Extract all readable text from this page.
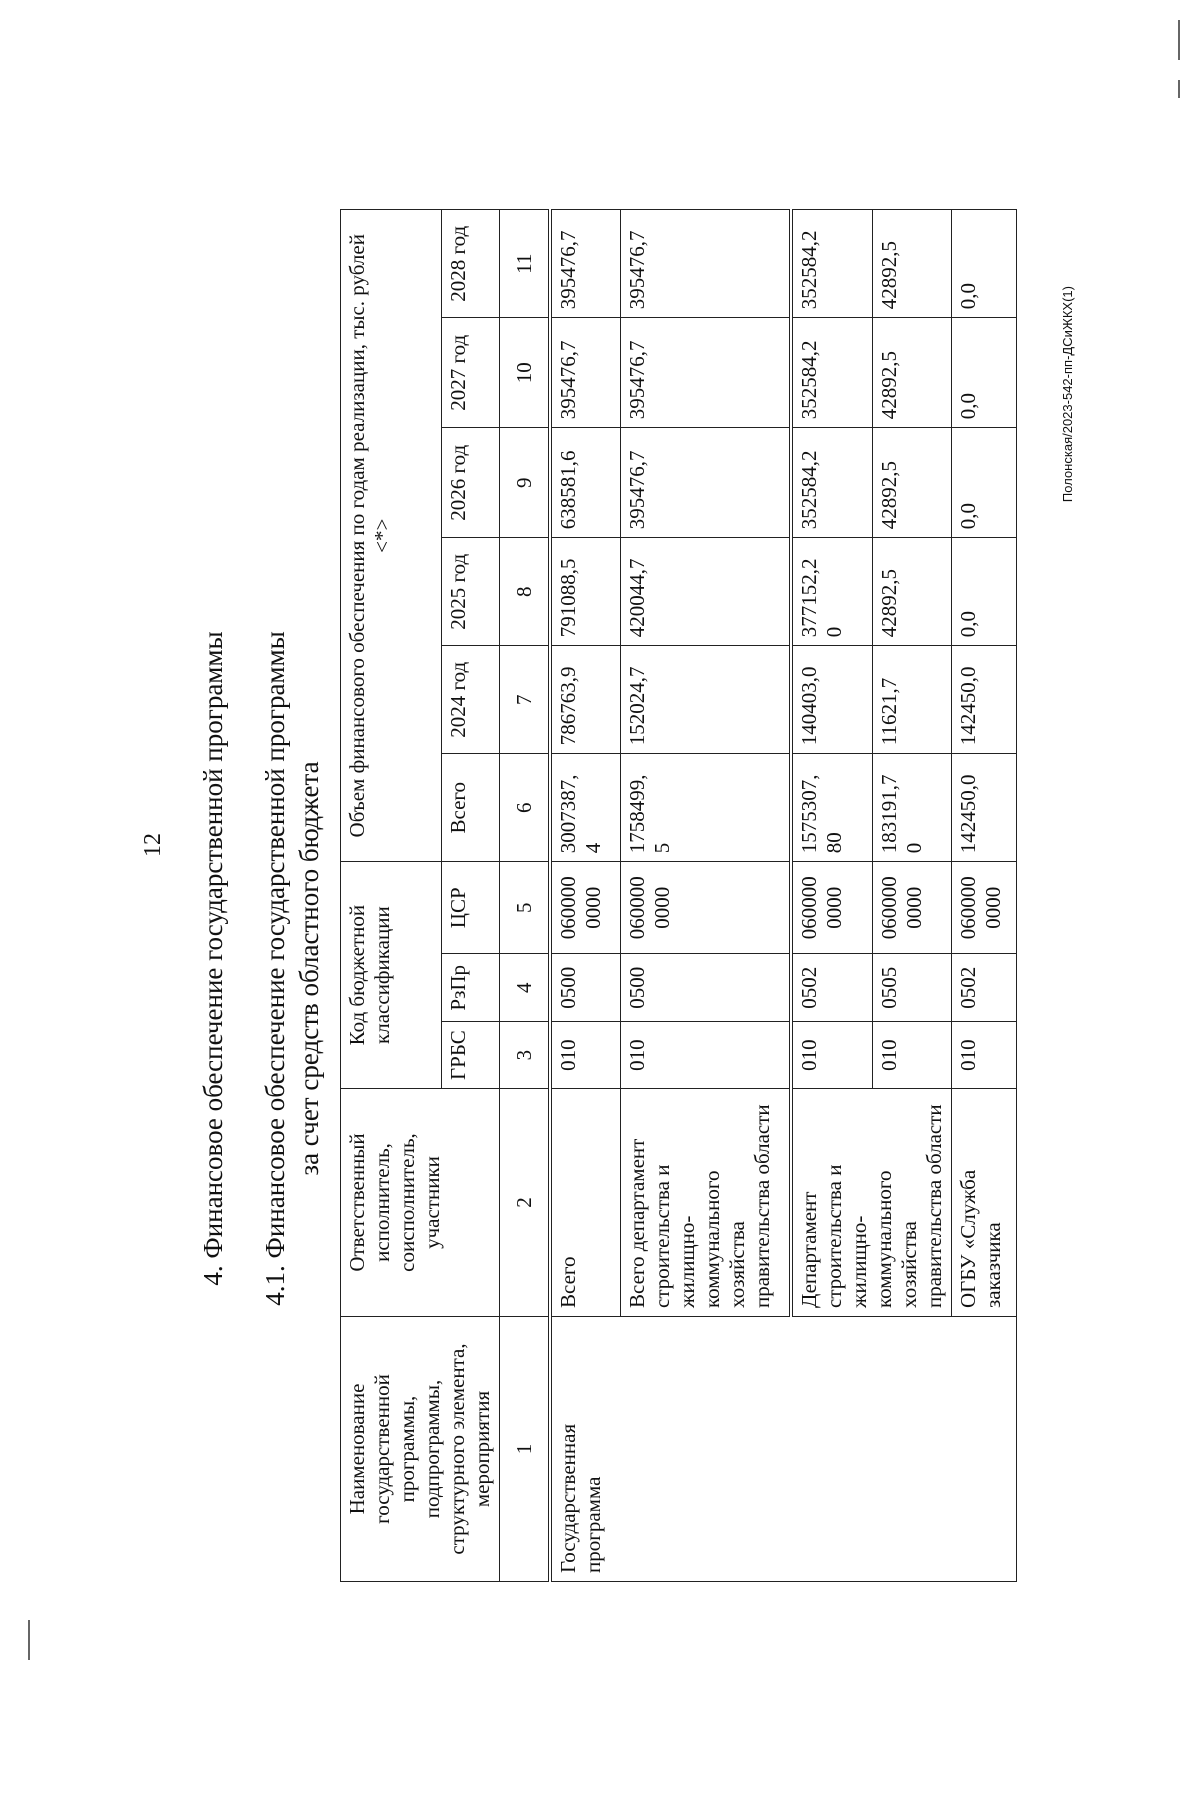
12 4. Финансовое обеспечение государственной программы 4.1. Финансовое обеспечение государственной программы за счет средств областного бюджета
Наименование государственной программы, подпрограммы, структурного элемента, мероприятия	Ответственный исполнитель, соисполнитель, участники	Код бюджетной классификации			Объем финансового обеспечения по годам реализации, тыс. рублей <*>					
		ГРБС	РзПр	ЦСР	Всего	2024 год	2025 год	2026 год	2027 год	2028 год
1	2	3	4	5	6	7	8	9	10	11
Государственная программа	Всего	010	0500	060000 0000	3007387, 4	786763,9	791088,5	638581,6	395476,7	395476,7
	Всего департамент строительства и жилищно-коммунального хозяйства правительства области	010	0500	060000 0000	1758499, 5	152024,7	420044,7	395476,7	395476,7	395476,7
	Департамент строительства и жилищно-коммунального хозяйства правительства области	010	0502	060000 0000	1575307, 80	140403,0	377152,2 0	352584,2	352584,2	352584,2
		010	0505	060000 0000	183191,7 0	11621,7	42892,5	42892,5	42892,5	42892,5
	ОГБУ «Служба заказчика	010	0502	060000 0000	142450,0	142450,0	0,0	0,0	0,0	0,0	Полонская/2023-542-пп-ДСиЖКХ(1)
